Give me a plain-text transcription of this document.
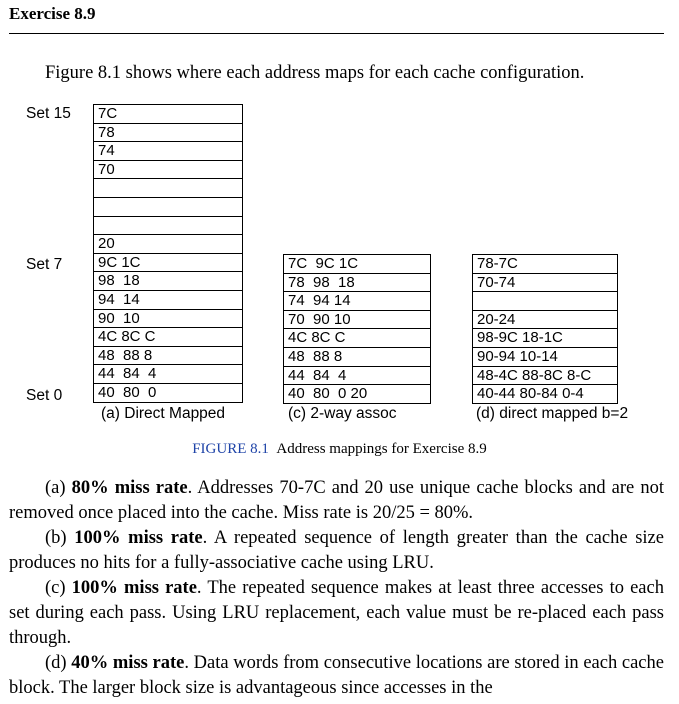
Exercise 8.9
Figure 8.1 shows where each address maps for each cache configuration.
Set 15
Set 7
Set 0
7C
78
74
70
20
9C 1C
98  18
94  14
90  10
4C 8C C
48  88 8
44  84  4
40  80  0
7C  9C 1C
78  98  18
74  94 14
70  90 10
4C 8C C
48  88 8
44  84  4
40  80  0 20
78-7C
70-74
20-24
98-9C 18-1C
90-94 10-14
48-4C 88-8C 8-C
40-44 80-84 0-4
(a) Direct Mapped	(c) 2-way assoc	(d) direct mapped b=2
FIGURE 8.1 Address mappings for Exercise 8.9

(a) 80% miss rate. Addresses 70-7C and 20 use unique cache blocks and are not removed once placed into the cache. Miss rate is 20/25 = 80%.

(b) 100% miss rate. A repeated sequence of length greater than the cache size produces no hits for a fully-associative cache using LRU.

(c) 100% miss rate. The repeated sequence makes at least three accesses to each set during each pass. Using LRU replacement, each value must be re-placed each pass through.

(d) 40% miss rate. Data words from consecutive locations are stored in each cache block. The larger block size is advantageous since accesses in the
